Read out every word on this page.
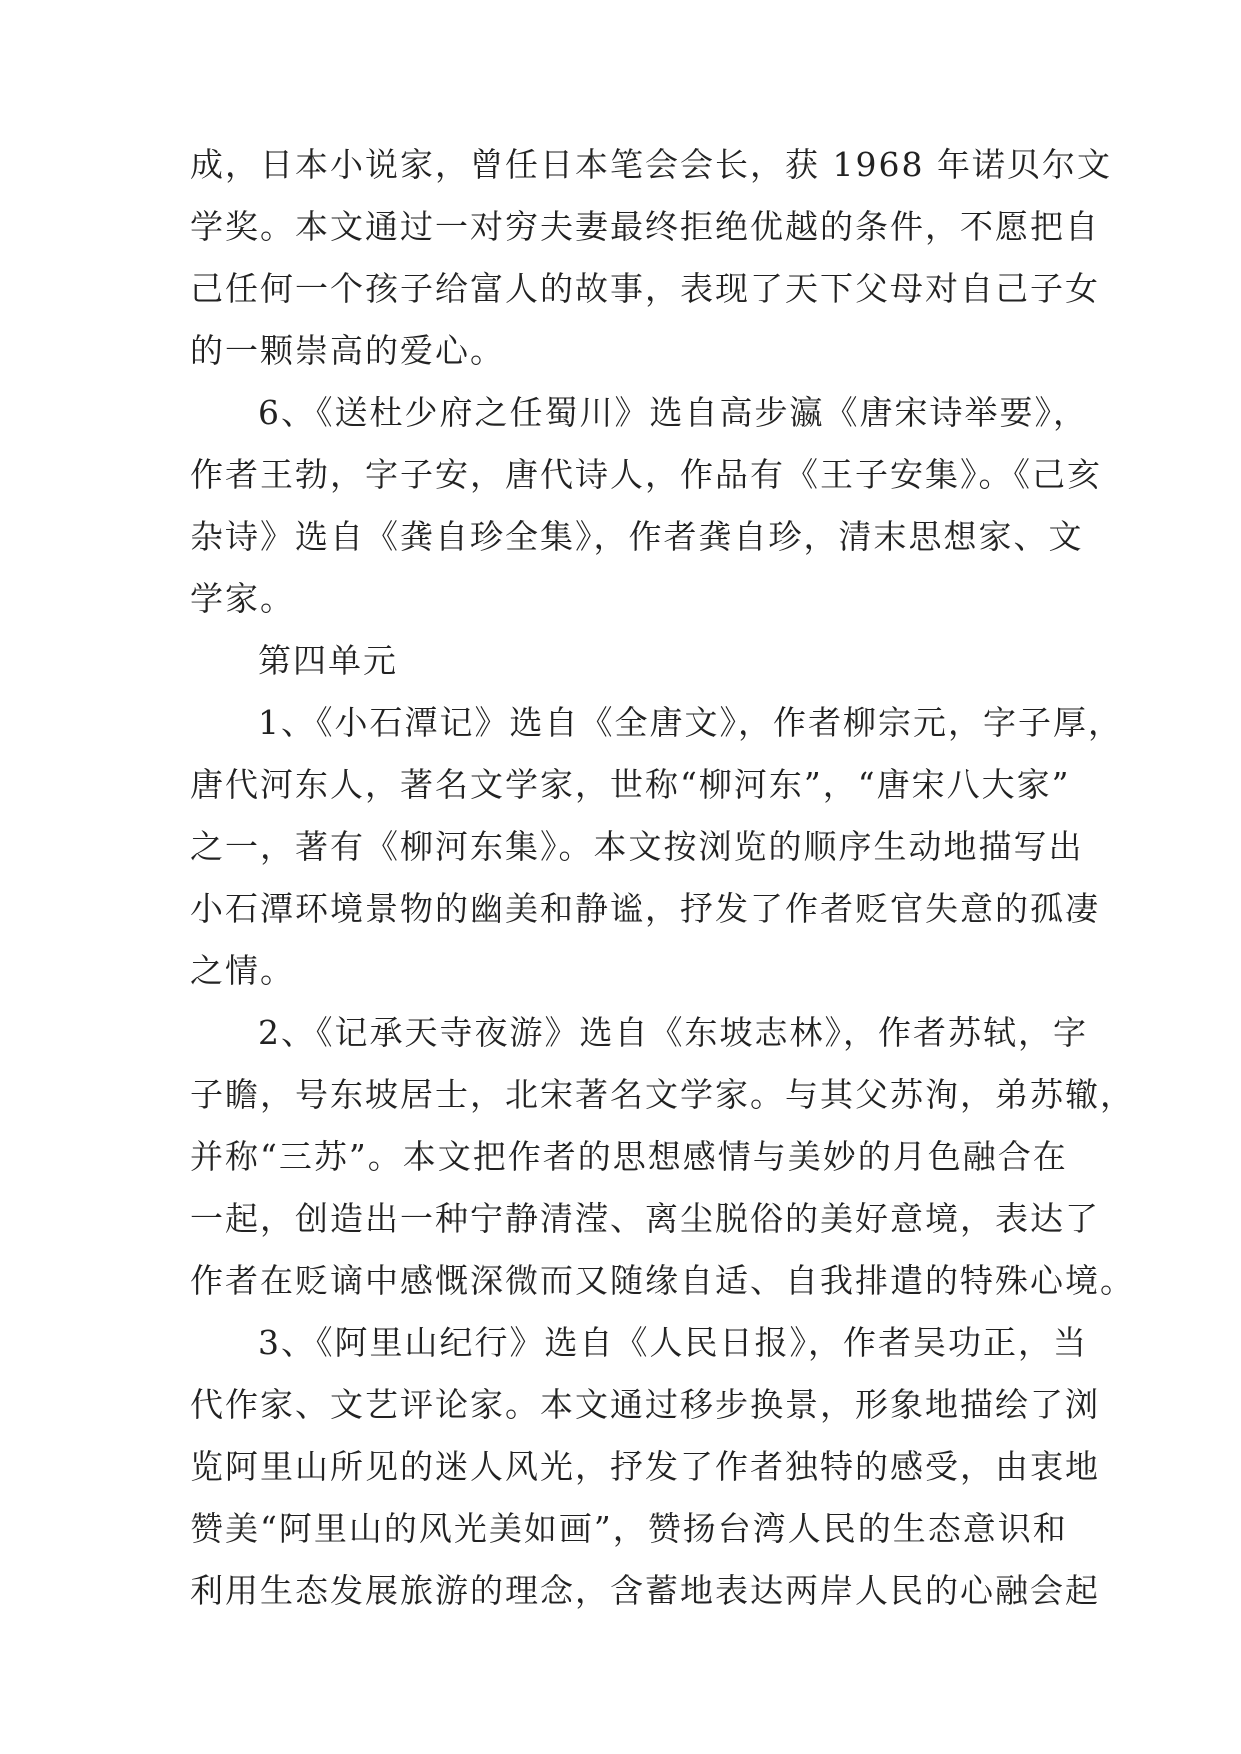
成，日本小说家，曾任日本笔会会长，获 1968 年诺贝尔文
学奖。本文通过一对穷夫妻最终拒绝优越的条件，不愿把自
己任何一个孩子给富人的故事，表现了天下父母对自己子女
的一颗崇高的爱心。
6、《送杜少府之任蜀川》选自高步瀛《唐宋诗举要》，
作者王勃，字子安，唐代诗人，作品有《王子安集》。《己亥
杂诗》选自《龚自珍全集》，作者龚自珍，清末思想家、文
学家。
第四单元
1、《小石潭记》选自《全唐文》，作者柳宗元，字子厚，
唐代河东人，著名文学家，世称“柳河东”，“唐宋八大家”
之一，著有《柳河东集》。本文按浏览的顺序生动地描写出
小石潭环境景物的幽美和静谧，抒发了作者贬官失意的孤凄
之情。
2、《记承天寺夜游》选自《东坡志林》，作者苏轼，字
子瞻，号东坡居士，北宋著名文学家。与其父苏洵，弟苏辙，
并称“三苏”。本文把作者的思想感情与美妙的月色融合在
一起，创造出一种宁静清滢、离尘脱俗的美好意境，表达了
作者在贬谪中感慨深微而又随缘自适、自我排遣的特殊心境。
3、《阿里山纪行》选自《人民日报》，作者吴功正，当
代作家、文艺评论家。本文通过移步换景，形象地描绘了浏
览阿里山所见的迷人风光，抒发了作者独特的感受，由衷地
赞美“阿里山的风光美如画”，赞扬台湾人民的生态意识和
利用生态发展旅游的理念，含蓄地表达两岸人民的心融会起
